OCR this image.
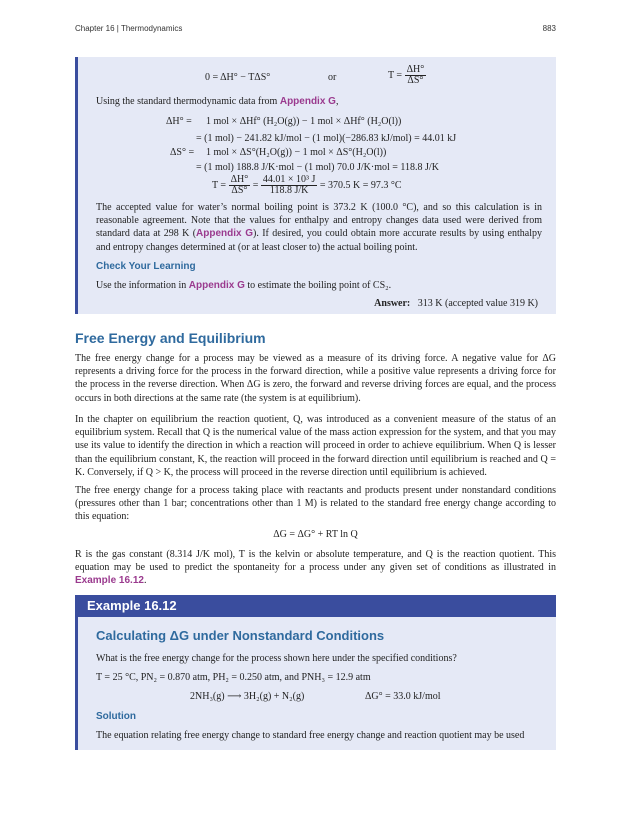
Chapter 16 | Thermodynamics	883
0 = ΔH° − TΔS°	or	$T = \frac{\Delta H^\circ}{\Delta S^\circ}$
Using the standard thermodynamic data from Appendix G,
ΔH° = 1 mol × ΔHf° (H₂O(g)) − 1 mol × ΔHf° (H₂O(l))
= (1 mol) − 241.82 kJ/mol − (1 mol)(−286.83 kJ/mol) = 44.01 kJ
ΔS° = 1 mol × ΔS°(H₂O(g)) − 1 mol × ΔS°(H₂O(l))
= (1 mol) 188.8 J/K·mol − (1 mol) 70.0 J/K·mol = 118.8 J/K
$T = \frac{\Delta H^\circ}{\Delta S^\circ} = \frac{\text{44.01 × 10³ J}}{118.8 J/K} = 370.5$ K = 97.3 °C
The accepted value for water’s normal boiling point is 373.2 K (100.0 °C), and so this calculation is in reasonable agreement. Note that the values for enthalpy and entropy changes data used were derived from standard data at 298 K (Appendix G). If desired, you could obtain more accurate results by using enthalpy and entropy changes determined at (or at least closer to) the actual boiling point.
Check Your Learning
Use the information in Appendix G to estimate the boiling point of CS₂.
Answer: 313 K (accepted value 319 K)
Free Energy and Equilibrium
The free energy change for a process may be viewed as a measure of its driving force. A negative value for ΔG represents a driving force for the process in the forward direction, while a positive value represents a driving force for the process in the reverse direction. When ΔG is zero, the forward and reverse driving forces are equal, and the process occurs in both directions at the same rate (the system is at equilibrium).
In the chapter on equilibrium the reaction quotient, Q, was introduced as a convenient measure of the status of an equilibrium system. Recall that Q is the numerical value of the mass action expression for the system, and that you may use its value to identify the direction in which a reaction will proceed in order to achieve equilibrium. When Q is lesser than the equilibrium constant, K, the reaction will proceed in the forward direction until equilibrium is reached and Q = K. Conversely, if Q > K, the process will proceed in the reverse direction until equilibrium is achieved.
The free energy change for a process taking place with reactants and products present under nonstandard conditions (pressures other than 1 bar; concentrations other than 1 M) is related to the standard free energy change according to this equation:
ΔG = ΔG° + RT ln Q
R is the gas constant (8.314 J/K mol), T is the kelvin or absolute temperature, and Q is the reaction quotient. This equation may be used to predict the spontaneity for a process under any given set of conditions as illustrated in Example 16.12.
Example 16.12
Calculating ΔG under Nonstandard Conditions
What is the free energy change for the process shown here under the specified conditions?
T = 25 °C, PN₂ = 0.870 atm, PH₂ = 0.250 atm, and PNH₃ = 12.9 atm
2NH₃(g) ⟶ 3H₂(g) + N₂(g)	ΔG° = 33.0 kJ/mol
Solution
The equation relating free energy change to standard free energy change and reaction quotient may be used
